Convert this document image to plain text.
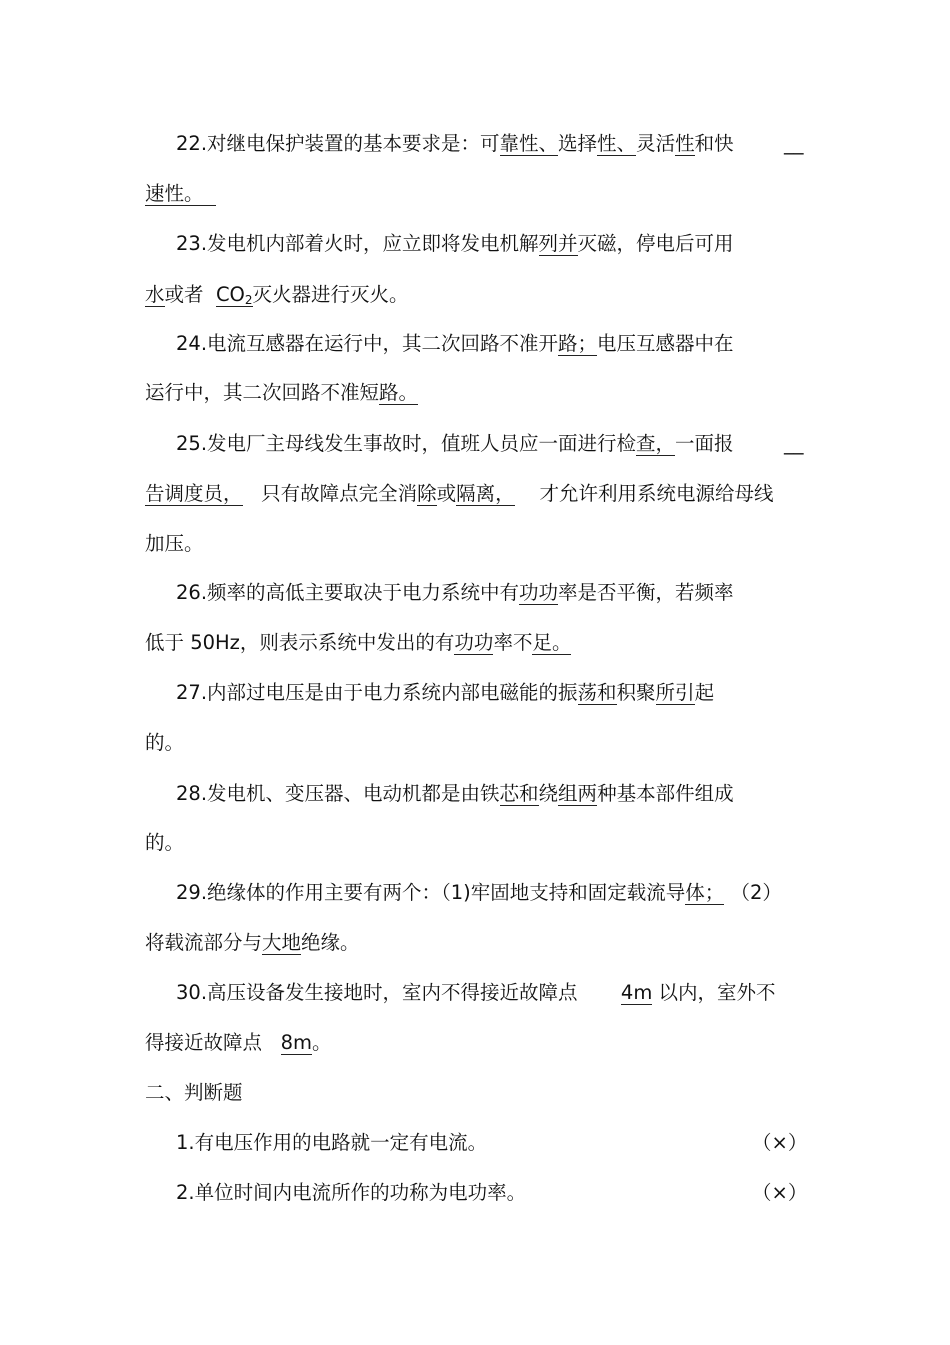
22.对继电保护装置的基本要求是：可靠性、选择性、灵活性和快	__
速性。
23.发电机内部着火时，应立即将发电机解列并灭磁，停电后可用
水或者 $CO_2$灭火器进行灭火。
24.电流互感器在运行中，其二次回路不准开路；电压互感器中在
运行中，其二次回路不准短路。
25.发电厂主母线发生事故时，值班人员应一面进行检查，一面报	__
告调度员， 只有故障点完全消除或隔离， 才允许利用系统电源给母线
加压。
26.频率的高低主要取决于电力系统中有功功率是否平衡，若频率
低于 50Hz，则表示系统中发出的有功功率不足。
27.内部过电压是由于电力系统内部电磁能的振荡和积聚所引起
的。
28.发电机、变压器、电动机都是由铁芯和绕组两种基本部件组成
的。
29.绝缘体的作用主要有两个：（1)牢固地支持和固定载流导体； （2）
将载流部分与大地绝缘。
30.高压设备发生接地时，室内不得接近故障点 4m 以内，室外不
得接近故障点 8m。
二、判断题
1.有电压作用的电路就一定有电流。	（×）
2.单位时间内电流所作的功称为电功率。	（×）
